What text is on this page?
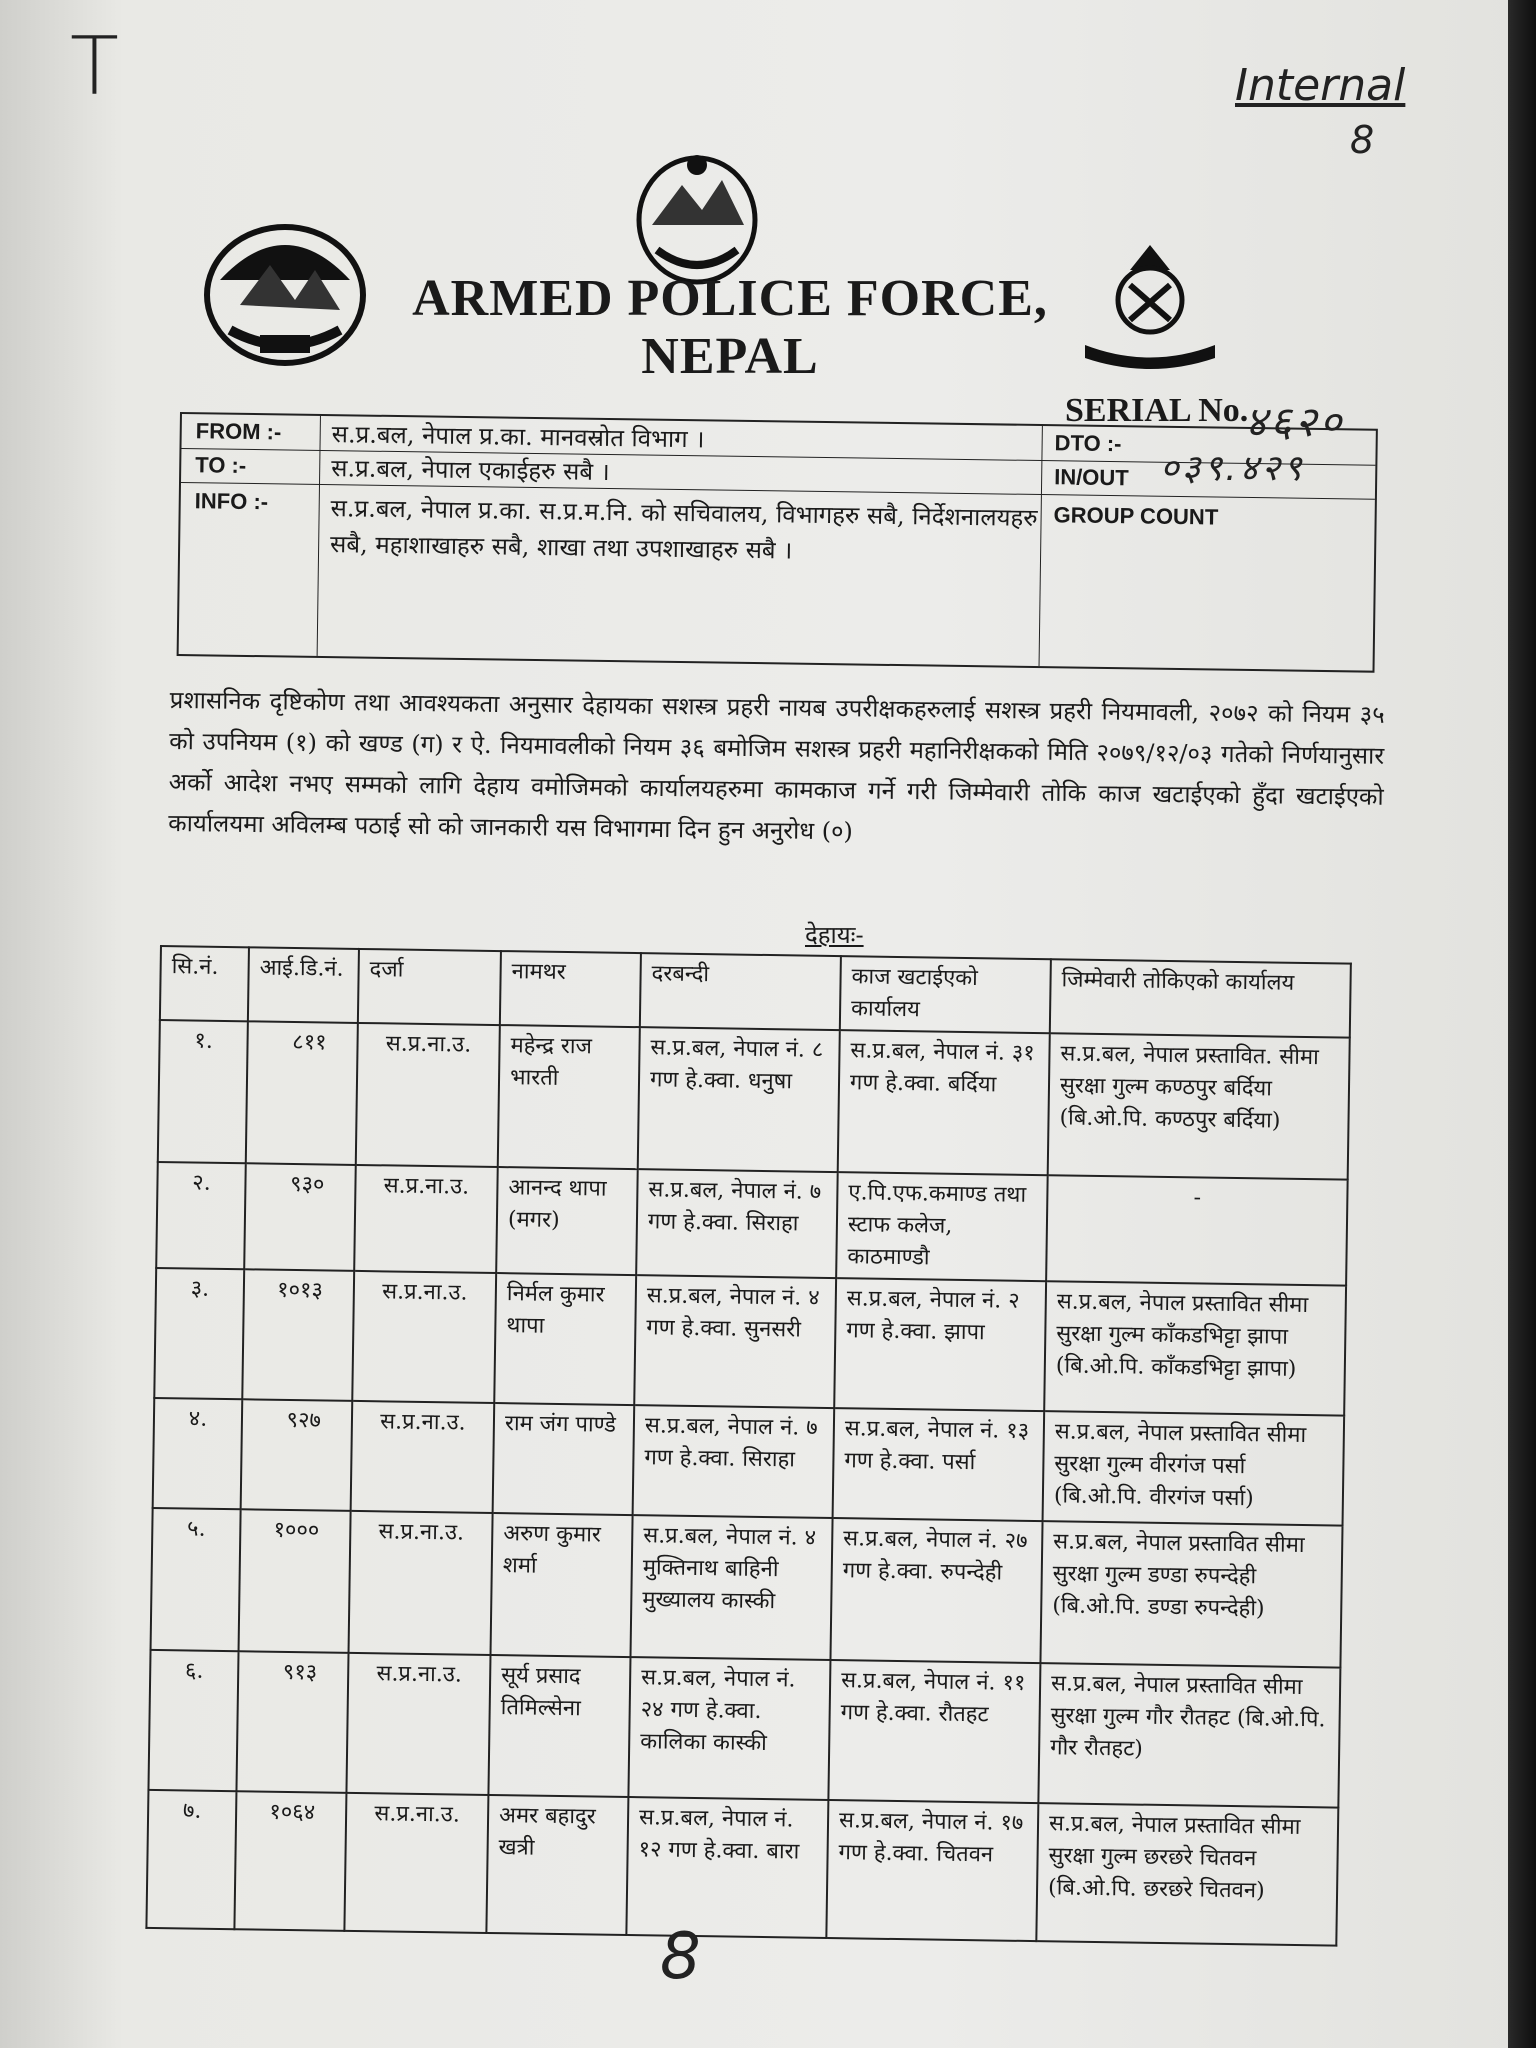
T	Internal
8
ARMED POLICE FORCE,
NEPAL
SERIAL No.
४६२०
FROM :- स.प्र.बल, नेपाल प्र.का. मानवस्रोत विभाग ।	DTO :-
TO :-	स.प्र.बल, नेपाल एकाईहरु सबै ।	IN/OUT
INFO :-	स.प्र.बल, नेपाल प्र.का. स.प्र.म.नि. को सचिवालय, विभागहरु सबै, निर्देशनालयहरु सबै, महाशाखाहरु सबै, शाखा तथा उपशाखाहरु सबै ।
GROUP COUNT
०३९.४२९
प्रशासनिक दृष्टिकोण तथा आवश्यकता अनुसार देहायका सशस्त्र प्रहरी नायब उपरीक्षकहरुलाई सशस्त्र प्रहरी नियमावली, २०७२ को नियम ३५ को उपनियम (१) को खण्ड (ग) र ऐ. नियमावलीको नियम ३६ बमोजिम सशस्त्र प्रहरी महानिरीक्षकको मिति २०७९/१२/०३ गतेको निर्णयानुसार अर्को आदेश नभए सम्मको लागि देहाय वमोजिमको कार्यालयहरुमा कामकाज गर्ने गरी जिम्मेवारी तोकि काज खटाईएको हुँदा खटाईएको कार्यालयमा अविलम्ब पठाई सो को जानकारी यस विभागमा दिन हुन अनुरोध (०)
देहायः-
सि.नं.	आई.डि.नं.	दर्जा	नामथर	दरबन्दी	काज खटाईएको कार्यालय	जिम्मेवारी तोकिएको कार्यालय
१.	८११	स.प्र.ना.उ.	महेन्द्र राज भारती	स.प्र.बल, नेपाल नं. ८ गण हे.क्वा. धनुषा	स.प्र.बल, नेपाल नं. ३१ गण हे.क्वा. बर्दिया	स.प्र.बल, नेपाल प्रस्तावित. सीमा सुरक्षा गुल्म कण्ठपुर बर्दिया (बि.ओ.पि. कण्ठपुर बर्दिया)
२.	९३०	स.प्र.ना.उ.	आनन्द थापा (मगर)	स.प्र.बल, नेपाल नं. ७ गण हे.क्वा. सिराहा	ए.पि.एफ.कमाण्ड तथा स्टाफ कलेज, काठमाण्डौ	-
३.	१०१३	स.प्र.ना.उ.	निर्मल कुमार थापा	स.प्र.बल, नेपाल नं. ४ गण हे.क्वा. सुनसरी	स.प्र.बल, नेपाल नं. २ गण हे.क्वा. झापा	स.प्र.बल, नेपाल प्रस्तावित सीमा सुरक्षा गुल्म काँकडभिट्टा झापा (बि.ओ.पि. काँकडभिट्टा झापा)
४.	९२७	स.प्र.ना.उ.	राम जंग पाण्डे	स.प्र.बल, नेपाल नं. ७ गण हे.क्वा. सिराहा	स.प्र.बल, नेपाल नं. १३ गण हे.क्वा. पर्सा	स.प्र.बल, नेपाल प्रस्तावित सीमा सुरक्षा गुल्म वीरगंज पर्सा (बि.ओ.पि. वीरगंज पर्सा)
५.	१०००	स.प्र.ना.उ.	अरुण कुमार शर्मा	स.प्र.बल, नेपाल नं. ४ मुक्तिनाथ बाहिनी मुख्यालय कास्की	स.प्र.बल, नेपाल नं. २७ गण हे.क्वा. रुपन्देही	स.प्र.बल, नेपाल प्रस्तावित सीमा सुरक्षा गुल्म डण्डा रुपन्देही (बि.ओ.पि. डण्डा रुपन्देही)
६.	९१३	स.प्र.ना.उ.	सूर्य प्रसाद तिमिल्सेना	स.प्र.बल, नेपाल नं. २४ गण हे.क्वा. कालिका कास्की	स.प्र.बल, नेपाल नं. ११ गण हे.क्वा. रौतहट	स.प्र.बल, नेपाल प्रस्तावित सीमा सुरक्षा गुल्म गौर रौतहट (बि.ओ.पि. गौर रौतहट)
७.	१०६४	स.प्र.ना.उ.	अमर बहादुर खत्री	स.प्र.बल, नेपाल नं. १२ गण हे.क्वा. बारा	स.प्र.बल, नेपाल नं. १७ गण हे.क्वा. चितवन	स.प्र.बल, नेपाल प्रस्तावित सीमा सुरक्षा गुल्म छरछरे चितवन (बि.ओ.पि. छरछरे चितवन)
8
